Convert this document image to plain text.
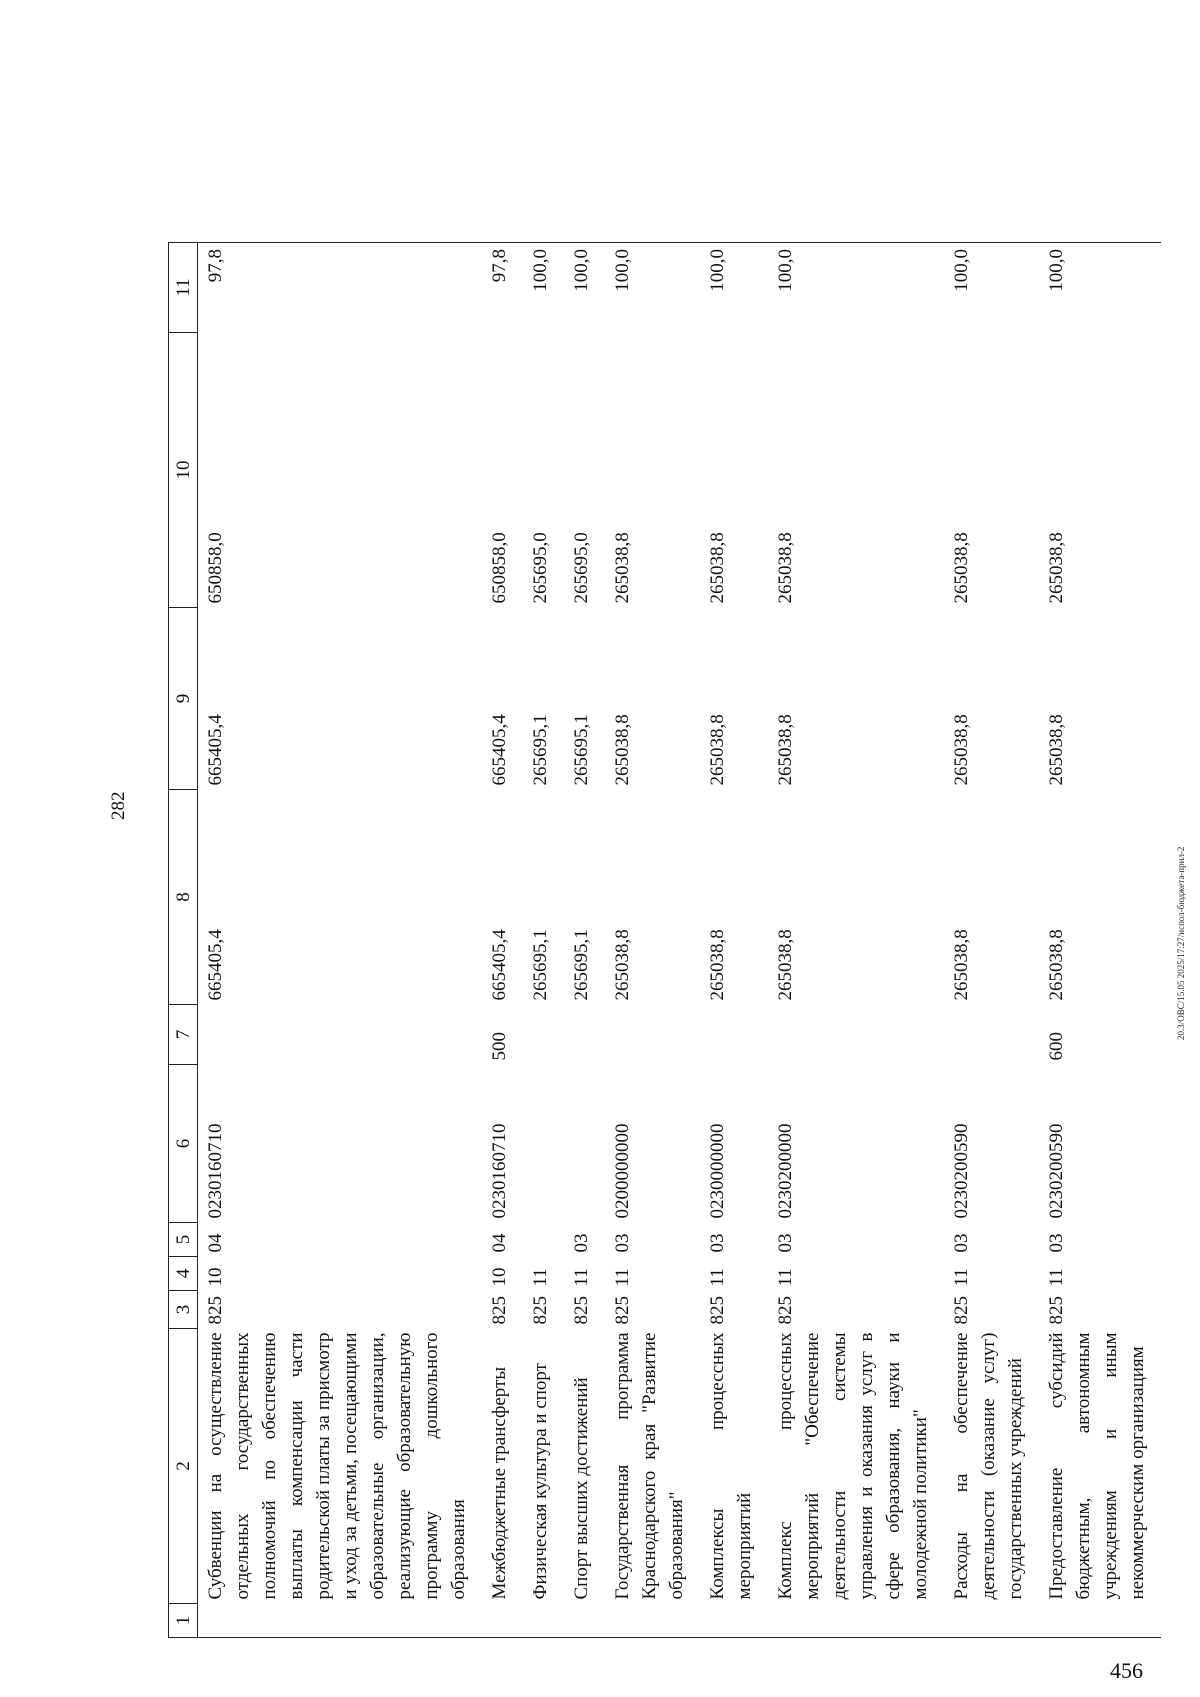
282
1	2	3	4	5	6	7	8	9	10	11
	Субвенции на осуществление отдельных государственных полномочий по обеспечению выплаты компенсации части родительской платы за присмотр и уход за детьми, посещающими образовательные организации, реализующие образовательную программу дошкольного образования	825	10	04	0230160710		665405,4	665405,4	650858,0	97,8
	Межбюджетные трансферты	825	10	04	0230160710	500	665405,4	665405,4	650858,0	97,8
	Физическая культура и спорт	825	11				265695,1	265695,1	265695,0	100,0
	Спорт высших достижений	825	11	03			265695,1	265695,1	265695,0	100,0
	Государственная программа Краснодарского края "Развитие образования"	825	11	03	0200000000		265038,8	265038,8	265038,8	100,0
	Комплексы процессных мероприятий	825	11	03	0230000000		265038,8	265038,8	265038,8	100,0
	Комплекс процессных мероприятий "Обеспечение деятельности системы управления и оказания услуг в сфере образования, науки и молодежной политики"	825	11	03	0230200000		265038,8	265038,8	265038,8	100,0
	Расходы на обеспечение деятельности (оказание услуг) государственных учреждений	825	11	03	0230200590		265038,8	265038,8	265038,8	100,0
	Предоставление субсидий бюджетным, автономным учреждениям и иным некоммерческим организациям	825	11	03	0230200590	600	265038,8	265038,8	265038,8	100,0
20.3/ОВС/15.05 2025/17:27/испол-бюджета-прил-2
456
